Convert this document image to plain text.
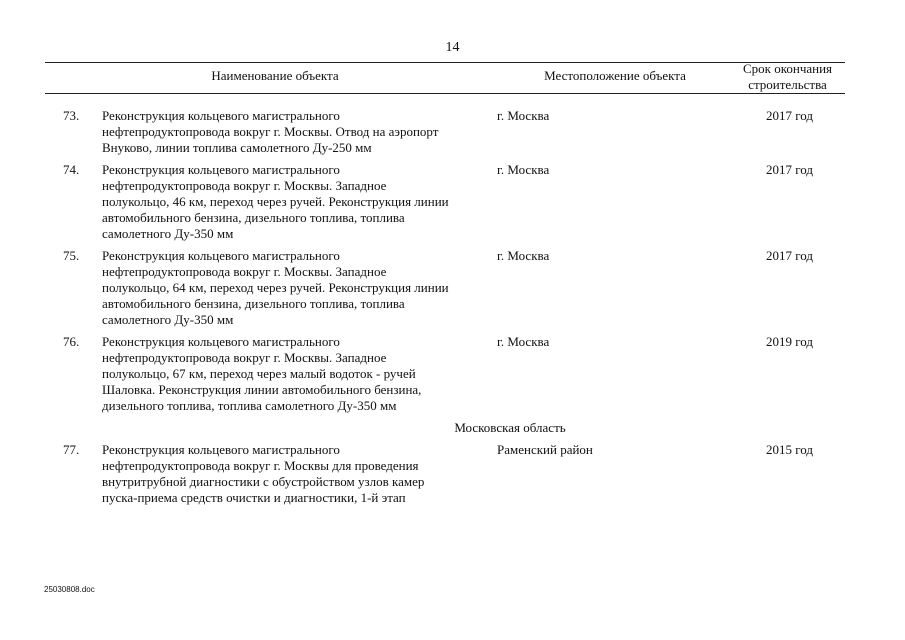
14
Наименование объекта	Местоположение объекта	Срок окончания
строительства
73. Реконструкция кольцевого магистрального
нефтепродуктопровода вокруг г. Москвы. Отвод на аэропорт
Внуково, линии топлива самолетного Ду-250 мм
г. Москва	2017 год
74. Реконструкция кольцевого магистрального
нефтепродуктопровода вокруг г. Москвы. Западное
полукольцо, 46 км, переход через ручей. Реконструкция линии
автомобильного бензина, дизельного топлива, топлива
самолетного Ду-350 мм
г. Москва	2017 год
75. Реконструкция кольцевого магистрального
нефтепродуктопровода вокруг г. Москвы. Западное
полукольцо, 64 км, переход через ручей. Реконструкция линии
автомобильного бензина, дизельного топлива, топлива
самолетного Ду-350 мм
г. Москва	2017 год
76. Реконструкция кольцевого магистрального
нефтепродуктопровода вокруг г. Москвы. Западное
полукольцо, 67 км, переход через малый водоток - ручей
Шаловка. Реконструкция линии автомобильного бензина,
дизельного топлива, топлива самолетного Ду-350 мм
г. Москва	2019 год
Московская область
77. Реконструкция кольцевого магистрального
нефтепродуктопровода вокруг г. Москвы для проведения
внутритрубной диагностики с обустройством узлов камер
пуска-приема средств очистки и диагностики, 1-й этап
Раменский район	2015 год
25030808.doc
